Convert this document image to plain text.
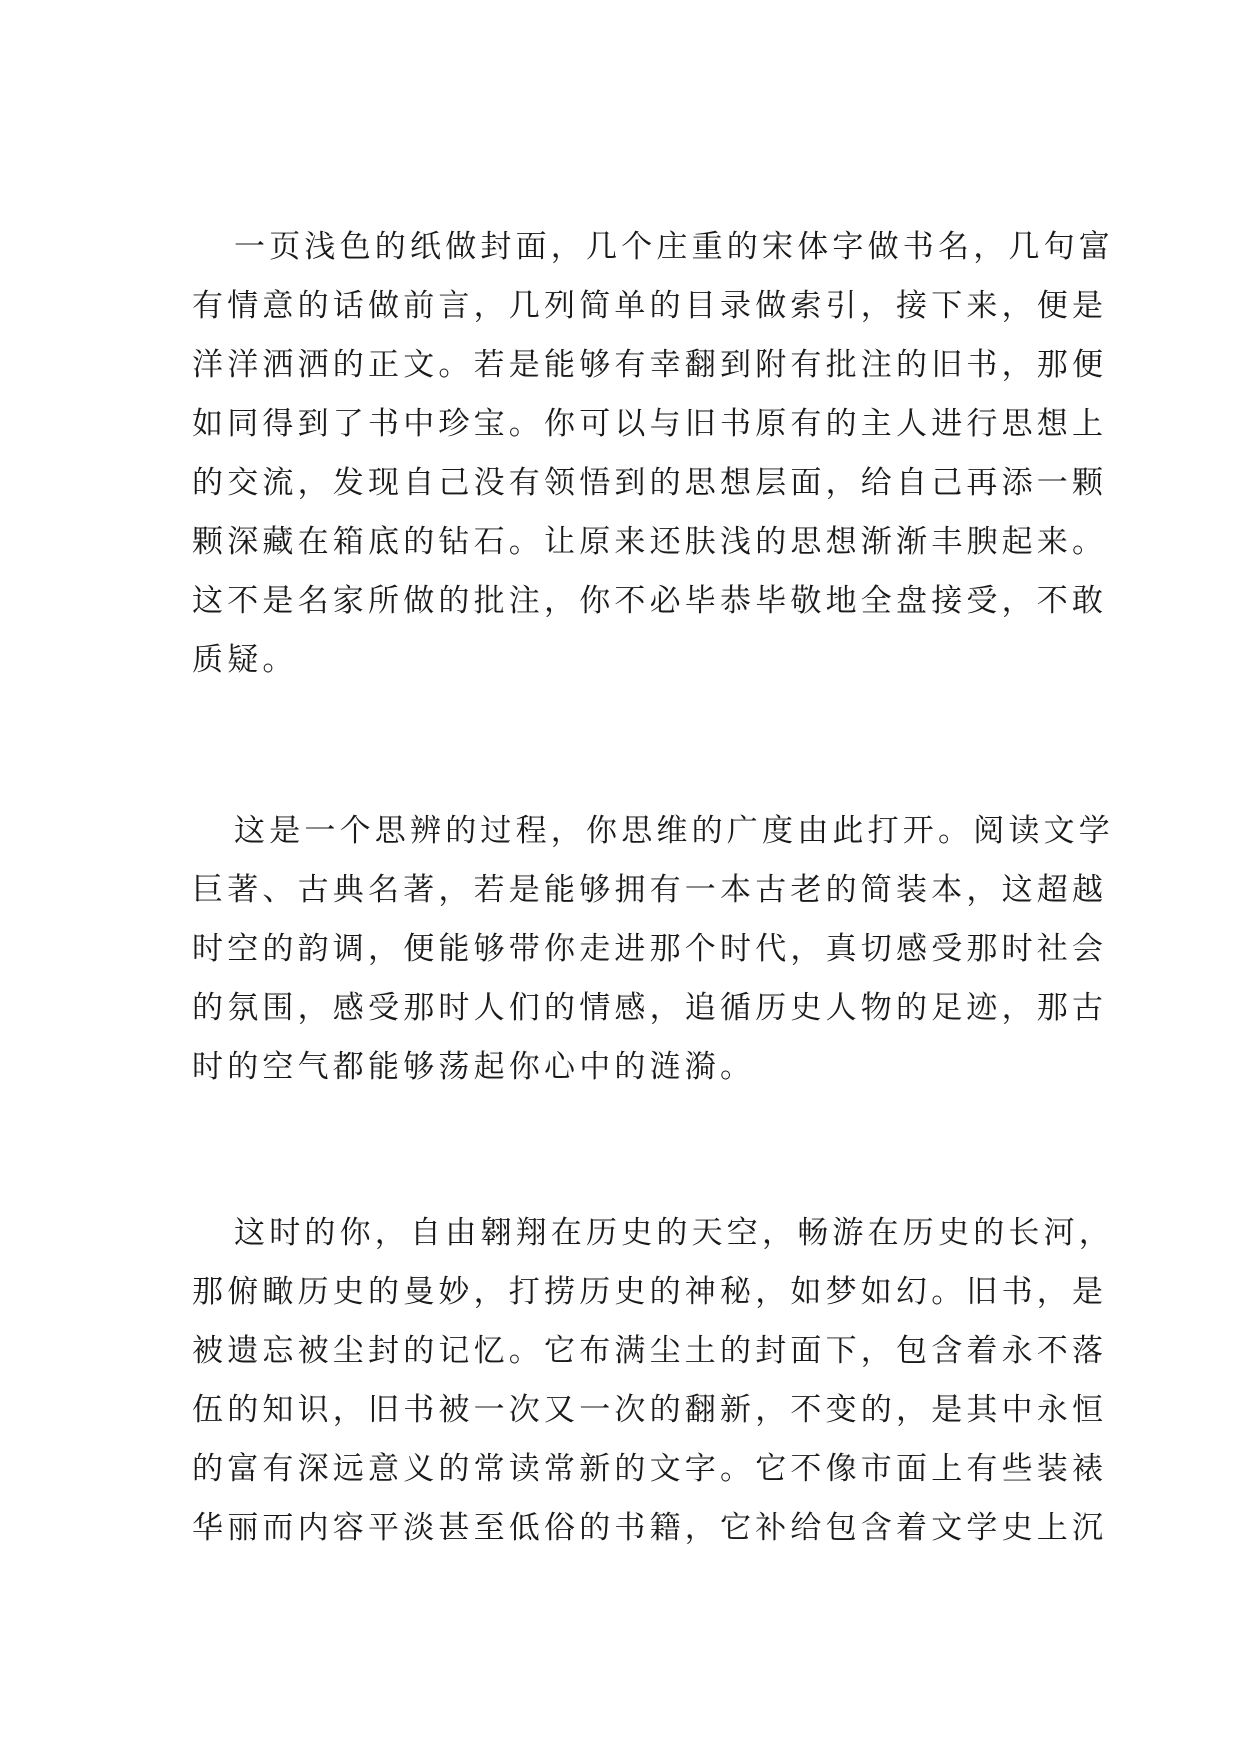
一页浅色的纸做封面，几个庄重的宋体字做书名，几句富
有情意的话做前言，几列简单的目录做索引，接下来，便是
洋洋洒洒的正文。若是能够有幸翻到附有批注的旧书，那便
如同得到了书中珍宝。你可以与旧书原有的主人进行思想上
的交流，发现自己没有领悟到的思想层面，给自己再添一颗
颗深藏在箱底的钻石。让原来还肤浅的思想渐渐丰腴起来。
这不是名家所做的批注，你不必毕恭毕敬地全盘接受，不敢
质疑。
这是一个思辨的过程，你思维的广度由此打开。阅读文学
巨著、古典名著，若是能够拥有一本古老的简装本，这超越
时空的韵调，便能够带你走进那个时代，真切感受那时社会
的氛围，感受那时人们的情感，追循历史人物的足迹，那古
时的空气都能够荡起你心中的涟漪。
这时的你，自由翱翔在历史的天空，畅游在历史的长河，
那俯瞰历史的曼妙，打捞历史的神秘，如梦如幻。旧书，是
被遗忘被尘封的记忆。它布满尘土的封面下，包含着永不落
伍的知识，旧书被一次又一次的翻新，不变的，是其中永恒
的富有深远意义的常读常新的文字。它不像市面上有些装裱
华丽而内容平淡甚至低俗的书籍，它补给包含着文学史上沉
